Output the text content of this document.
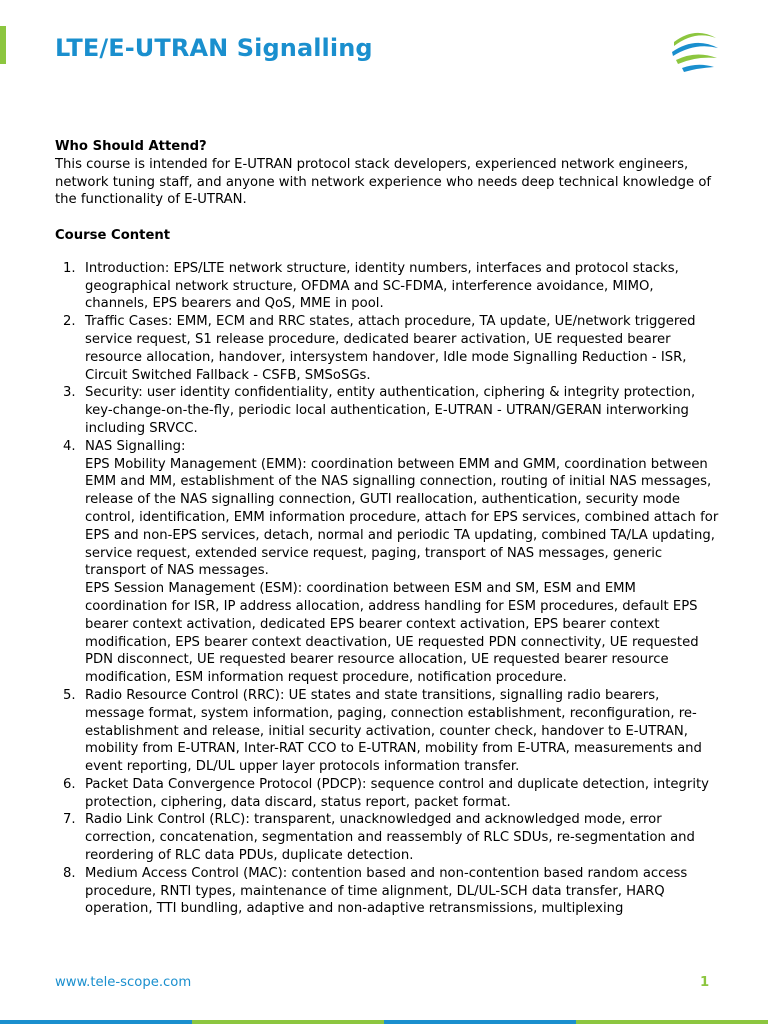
LTE/E-UTRAN Signalling

Who Should Attend?

This course is intended for E-UTRAN protocol stack developers, experienced network engineers, network tuning staff, and anyone with network experience who needs deep technical knowledge of the functionality of E-UTRAN.

Course Content

1. Introduction: EPS/LTE network structure, identity numbers, interfaces and protocol stacks, geographical network structure, OFDMA and SC-FDMA, interference avoidance, MIMO, channels, EPS bearers and QoS, MME in pool.
2. Traffic Cases: EMM, ECM and RRC states, attach procedure, TA update, UE/network triggered service request, S1 release procedure, dedicated bearer activation, UE requested bearer resource allocation, handover, intersystem handover, Idle mode Signalling Reduction - ISR, Circuit Switched Fallback - CSFB, SMSoSGs.
3. Security: user identity confidentiality, entity authentication, ciphering & integrity protection, key-change-on-the-fly, periodic local authentication, E-UTRAN - UTRAN/GERAN interworking including SRVCC.
4. NAS Signalling:

EPS Mobility Management (EMM): coordination between EMM and GMM, coordination between EMM and MM, establishment of the NAS signalling connection, routing of initial NAS messages, release of the NAS signalling connection, GUTI reallocation, authentication, security mode control, identification, EMM information procedure, attach for EPS services, combined attach for EPS and non-EPS services, detach, normal and periodic TA updating, combined TA/LA updating, service request, extended service request, paging, transport of NAS messages, generic transport of NAS messages.

EPS Session Management (ESM): coordination between ESM and SM, ESM and EMM coordination for ISR, IP address allocation, address handling for ESM procedures, default EPS bearer context activation, dedicated EPS bearer context activation, EPS bearer context modification, EPS bearer context deactivation, UE requested PDN connectivity, UE requested PDN disconnect, UE requested bearer resource allocation, UE requested bearer resource modification, ESM information request procedure, notification procedure.

5. Radio Resource Control (RRC): UE states and state transitions, signalling radio bearers, message format, system information, paging, connection establishment, reconfiguration, re-establishment and release, initial security activation, counter check, handover to E-UTRAN, mobility from E-UTRAN, Inter-RAT CCO to E-UTRAN, mobility from E-UTRA, measurements and event reporting, DL/UL upper layer protocols information transfer.
6. Packet Data Convergence Protocol (PDCP): sequence control and duplicate detection, integrity protection, ciphering, data discard, status report, packet format.
7. Radio Link Control (RLC): transparent, unacknowledged and acknowledged mode, error correction, concatenation, segmentation and reassembly of RLC SDUs, re-segmentation and reordering of RLC data PDUs, duplicate detection.
8. Medium Access Control (MAC): contention based and non-contention based random access procedure, RNTI types, maintenance of time alignment, DL/UL-SCH data transfer, HARQ operation, TTI bundling, adaptive and non-adaptive retransmissions, multiplexing
www.tele-scope.com	1
